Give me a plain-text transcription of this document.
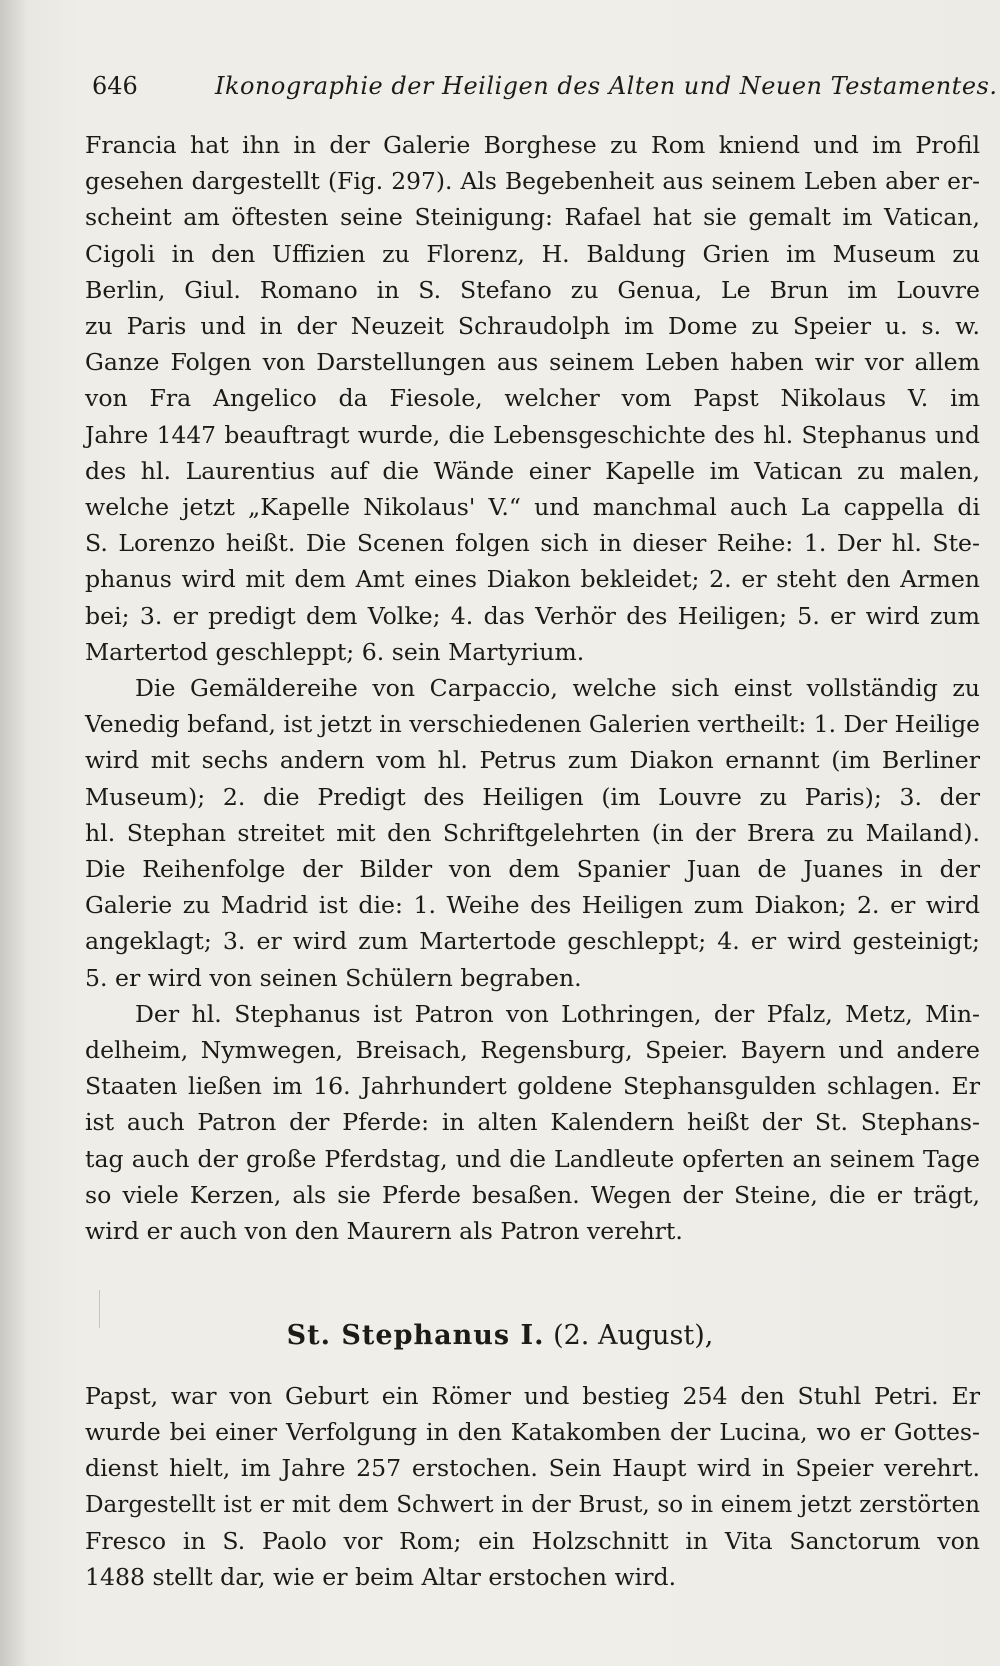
646	Ikonographie der Heiligen des Alten und Neuen Testamentes.

Francia hat ihn in der Galerie Borghese zu Rom kniend und im Profil
gesehen dargestellt (Fig. 297). Als Begebenheit aus seinem Leben aber er-
scheint am öftesten seine Steinigung: Rafael hat sie gemalt im Vatican,
Cigoli in den Uffizien zu Florenz, H. Baldung Grien im Museum zu
Berlin, Giul. Romano in S. Stefano zu Genua, Le Brun im Louvre
zu Paris und in der Neuzeit Schraudolph im Dome zu Speier u. s. w.
Ganze Folgen von Darstellungen aus seinem Leben haben wir vor allem
von Fra Angelico da Fiesole, welcher vom Papst Nikolaus V. im
Jahre 1447 beauftragt wurde, die Lebensgeschichte des hl. Stephanus und
des hl. Laurentius auf die Wände einer Kapelle im Vatican zu malen,
welche jetzt „Kapelle Nikolaus' V.“ und manchmal auch La cappella di
S. Lorenzo heißt. Die Scenen folgen sich in dieser Reihe: 1. Der hl. Ste-
phanus wird mit dem Amt eines Diakon bekleidet; 2. er steht den Armen
bei; 3. er predigt dem Volke; 4. das Verhör des Heiligen; 5. er wird zum
Martertod geschleppt; 6. sein Martyrium.

Die Gemäldereihe von Carpaccio, welche sich einst vollständig zu
Venedig befand, ist jetzt in verschiedenen Galerien vertheilt: 1. Der Heilige
wird mit sechs andern vom hl. Petrus zum Diakon ernannt (im Berliner
Museum); 2. die Predigt des Heiligen (im Louvre zu Paris); 3. der
hl. Stephan streitet mit den Schriftgelehrten (in der Brera zu Mailand).
Die Reihenfolge der Bilder von dem Spanier Juan de Juanes in der
Galerie zu Madrid ist die: 1. Weihe des Heiligen zum Diakon; 2. er wird
angeklagt; 3. er wird zum Martertode geschleppt; 4. er wird gesteinigt;
5. er wird von seinen Schülern begraben.

Der hl. Stephanus ist Patron von Lothringen, der Pfalz, Metz, Min-
delheim, Nymwegen, Breisach, Regensburg, Speier. Bayern und andere
Staaten ließen im 16. Jahrhundert goldene Stephansgulden schlagen. Er
ist auch Patron der Pferde: in alten Kalendern heißt der St. Stephans-
tag auch der große Pferdstag, und die Landleute opferten an seinem Tage
so viele Kerzen, als sie Pferde besaßen. Wegen der Steine, die er trägt,
wird er auch von den Maurern als Patron verehrt.

St. Stephanus I. (2. August),

Papst, war von Geburt ein Römer und bestieg 254 den Stuhl Petri. Er
wurde bei einer Verfolgung in den Katakomben der Lucina, wo er Gottes-
dienst hielt, im Jahre 257 erstochen. Sein Haupt wird in Speier verehrt.
Dargestellt ist er mit dem Schwert in der Brust, so in einem jetzt zerstörten
Fresco in S. Paolo vor Rom; ein Holzschnitt in Vita Sanctorum von
1488 stellt dar, wie er beim Altar erstochen wird.
